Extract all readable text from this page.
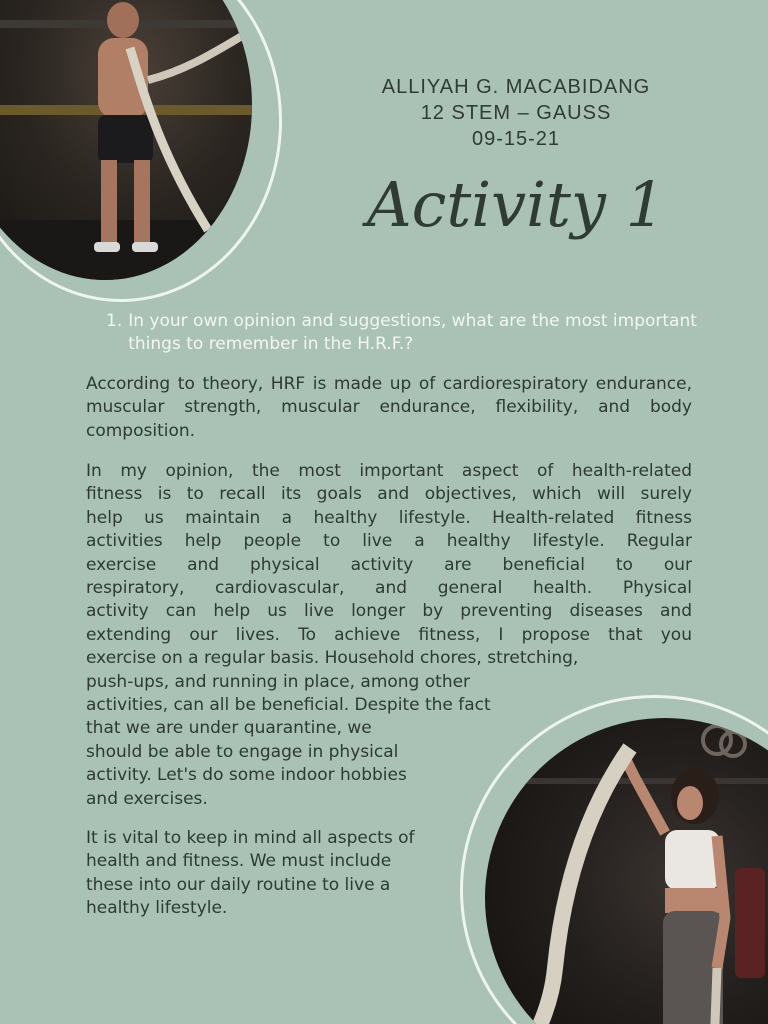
ALLIYAH G. MACABIDANG
12 STEM – GAUSS
09-15-21
Activity 1
1. In your own opinion and suggestions, what are the most important things to remember in the H.R.F.?
According to theory, HRF is made up of cardiorespiratory endurance, muscular strength, muscular endurance, flexibility, and body composition.
In my opinion, the most important aspect of health-related
fitness is to recall its goals and objectives, which will surely
help us maintain a healthy lifestyle. Health-related fitness
activities help people to live a healthy lifestyle. Regular
exercise and physical activity are beneficial to our
respiratory, cardiovascular, and general health. Physical
activity can help us live longer by preventing diseases and
extending our lives. To achieve fitness, I propose that you
exercise on a regular basis. Household chores, stretching,
push-ups, and running in place, among other
activities, can all be beneficial. Despite the fact
that we are under quarantine, we
should be able to engage in physical
activity. Let's do some indoor hobbies
and exercises.
It is vital to keep in mind all aspects of
health and fitness. We must include
these into our daily routine to live a
healthy lifestyle.
